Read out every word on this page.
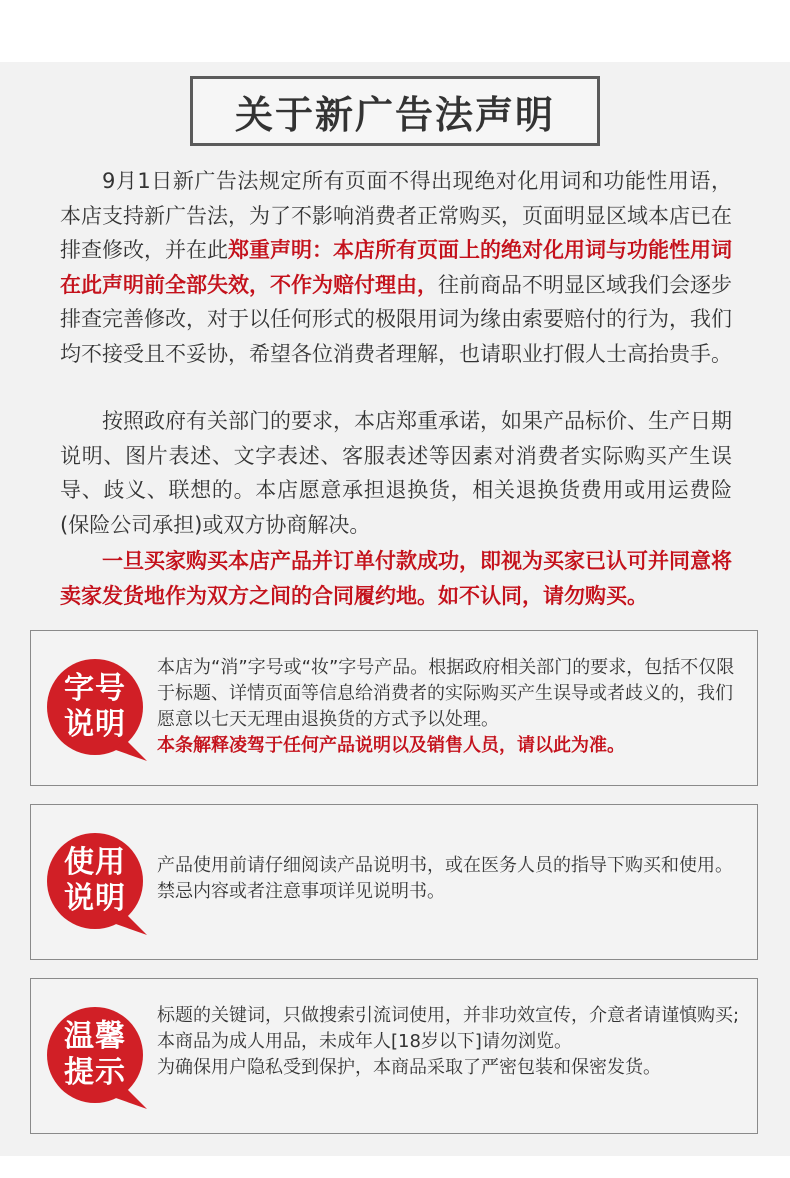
关于新广告法声明

9月1日新广告法规定所有页面不得出现绝对化用词和功能性用语，本店支持新广告法，为了不影响消费者正常购买，页面明显区域本店已在排查修改，并在此郑重声明：本店所有页面上的绝对化用词与功能性用词在此声明前全部失效，不作为赔付理由，往前商品不明显区域我们会逐步排查完善修改，对于以任何形式的极限用词为缘由索要赔付的行为，我们均不接受且不妥协，希望各位消费者理解，也请职业打假人士高抬贵手。

按照政府有关部门的要求，本店郑重承诺，如果产品标价、生产日期说明、图片表述、文字表述、客服表述等因素对消费者实际购买产生误导、歧义、联想的。本店愿意承担退换货，相关退换货费用或用运费险(保险公司承担)或双方协商解决。

一旦买家购买本店产品并订单付款成功，即视为买家已认可并同意将卖家发货地作为双方之间的合同履约地。如不认同，请勿购买。

字号
说明
本店为“消”字号或“妆”字号产品。根据政府相关部门的要求，包括不仅限于标题、详情页面等信息给消费者的实际购买产生误导或者歧义的，我们愿意以七天无理由退换货的方式予以处理。
本条解释凌驾于任何产品说明以及销售人员，请以此为准。
使用
说明
产品使用前请仔细阅读产品说明书，或在医务人员的指导下购买和使用。禁忌内容或者注意事项详见说明书。
温馨
提示
标题的关键词，只做搜索引流词使用，并非功效宣传，介意者请谨慎购买;
本商品为成人用品，未成年人[18岁以下]请勿浏览。
为确保用户隐私受到保护，本商品采取了严密包装和保密发货。
